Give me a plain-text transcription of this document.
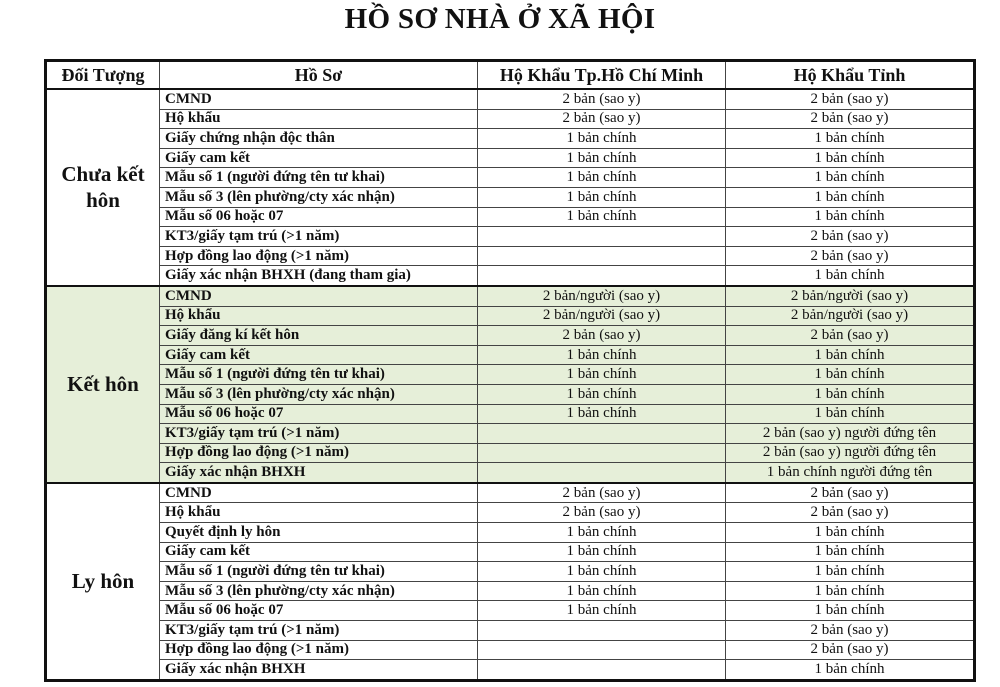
HỒ SƠ NHÀ Ở XÃ HỘI
Đối Tượng	Hồ Sơ	Hộ Khẩu Tp.Hồ Chí Minh	Hộ Khẩu Tỉnh
Chưa kết hôn	CMND	2 bản (sao y)	2 bản (sao y)
	Hộ khẩu	2 bản (sao y)	2 bản (sao y)
	Giấy chứng nhận độc thân	1 bản chính	1 bản chính
	Giấy cam kết	1 bản chính	1 bản chính
	Mẫu số 1 (người đứng tên tư khai)	1 bản chính	1 bản chính
	Mẫu số 3 (lên phường/cty xác nhận)	1 bản chính	1 bản chính
	Mẫu số 06 hoặc 07	1 bản chính	1 bản chính
	KT3/giấy tạm trú (>1 năm)		2 bản (sao y)
	Hợp đồng lao động (>1 năm)		2 bản (sao y)
	Giấy xác nhận BHXH (đang tham gia)		1 bản chính
Kết hôn	CMND	2 bản/người (sao y)	2 bản/người (sao y)
	Hộ khẩu	2 bản/người (sao y)	2 bản/người (sao y)
	Giấy đăng kí kết hôn	2 bản (sao y)	2 bản (sao y)
	Giấy cam kết	1 bản chính	1 bản chính
	Mẫu số 1 (người đứng tên tư khai)	1 bản chính	1 bản chính
	Mẫu số 3 (lên phường/cty xác nhận)	1 bản chính	1 bản chính
	Mẫu số 06 hoặc 07	1 bản chính	1 bản chính
	KT3/giấy tạm trú (>1 năm)		2 bản (sao y) người đứng tên
	Hợp đồng lao động (>1 năm)		2 bản (sao y) người đứng tên
	Giấy xác nhận BHXH		1 bản chính người đứng tên
Ly hôn	CMND	2 bản (sao y)	2 bản (sao y)
	Hộ khẩu	2 bản (sao y)	2 bản (sao y)
	Quyết định ly hôn	1 bản chính	1 bản chính
	Giấy cam kết	1 bản chính	1 bản chính
	Mẫu số 1 (người đứng tên tư khai)	1 bản chính	1 bản chính
	Mẫu số 3 (lên phường/cty xác nhận)	1 bản chính	1 bản chính
	Mẫu số 06 hoặc 07	1 bản chính	1 bản chính
	KT3/giấy tạm trú (>1 năm)		2 bản (sao y)
	Hợp đồng lao động (>1 năm)		2 bản (sao y)
	Giấy xác nhận BHXH		1 bản chính
